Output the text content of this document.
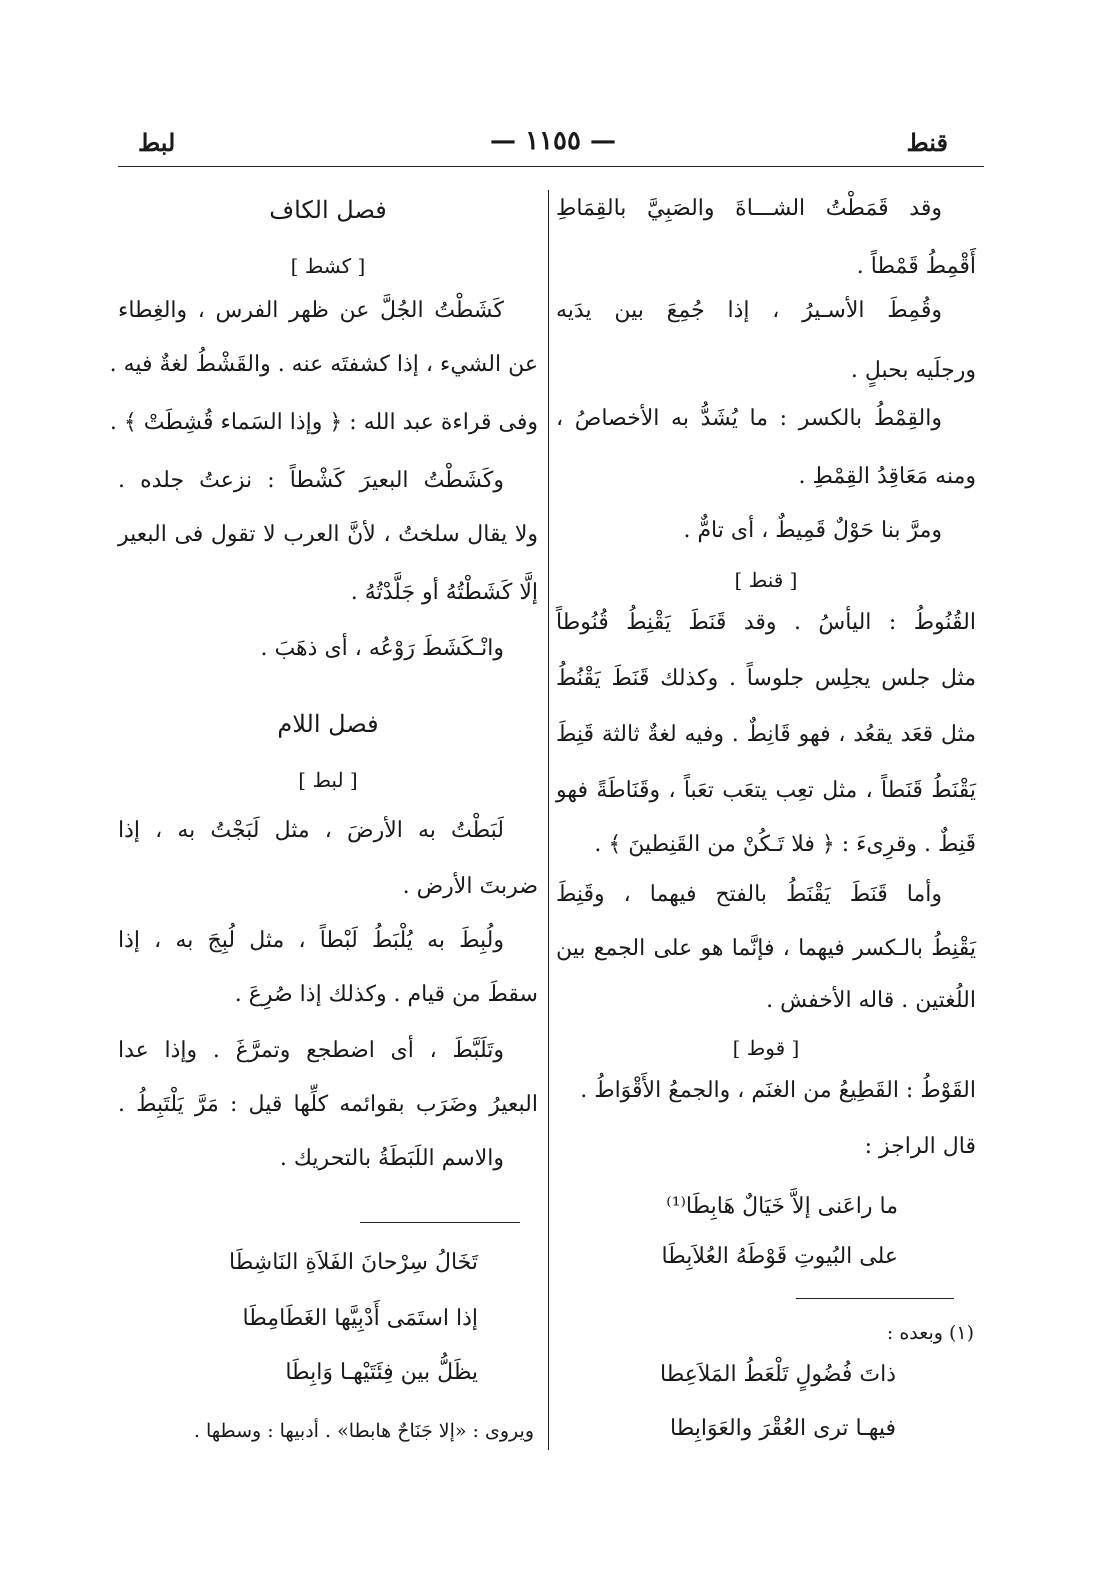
قنط
— ١١٥٥ —
لبط
وقد قَمَطْتُ الشـــاةَ والصَبِيَّ بالقِمَاطِ
أَقْمِطُ قَمْطاً .
وقُمِطَ الأسـيرُ ، إذا جُمِعَ بين يدَيه
ورجلَيه بحبلٍ .
والقِمْطُ بالكسر : ما يُشَدُّ به الأخصاصُ ،
ومنه مَعَاقِدُ القِمْطِ .
ومرَّ بنا حَوْلٌ قَمِيطٌ ، أى تامٌّ .
[ قنط ]
القُنُوطُ : اليأسُ . وقد قَنَطَ يَقْنِطُ قُنُوطاً
مثل جلس يجلِس جلوساً . وكذلك قَنَطَ يَقْنُطُ
مثل قعَد يقعُد ، فهو قَانِطٌ . وفيه لغةٌ ثالثة قَنِطَ
يَقْنَطُ قَنَطاً ، مثل تعِب يتعَب تعَباً ، وقَنَاطَةً فهو
قَنِطٌ . وقرِىءَ : ﴿ فلا تَـكُنْ من القَنِطينَ ﴾ .
وأما قَنَطَ يَقْنَطُ بالفتح فيهما ، وقَنِطَ
يَقْنِطُ بالـكسر فيهما ، فإنَّما هو على الجمع بين
اللُغتين . قاله الأخفش .
[ قوط ]
القَوْطُ : القَطِيعُ من الغنَم ، والجمعُ الأَقْوَاطُ .
قال الراجز :
ما راعَنى إلاَّ خَيَالٌ هَابِطَا⁽¹⁾
على البُيوتِ قَوْطَهُ العُلاَبِطَا
(١) وبعده :
ذاتَ فُضُولٍ تَلْعَطُ المَلاَعِطا
فيهـا ترى العُقْرَ والعَوَابِطا
فصل الكاف
[ كشط ]
كَشَطْتُ الجُلَّ عن ظهر الفرس ، والغِطاء
عن الشيء ، إذا كشفتَه عنه . والقَشْطُ لغةٌ فيه .
وفى قراءة عبد الله : ﴿ وإذا السَماء قُشِطَتْ ﴾ .
وكَشَطْتُ البعيرَ كَشْطاً : نزعتُ جلده .
ولا يقال سلختُ ، لأنَّ العرب لا تقول فى البعير
إلَّا كَشَطْتُهُ أو جَلَّدْتُهُ .
وانْـكَشَطَ رَوْعُه ، أى ذهَبَ .
فصل اللام
[ لبط ]
لَبَطْتُ به الأرضَ ، مثل لَبَجْتُ به ، إذا
ضربتَ الأرض .
ولُبِطَ به يُلْبَطُ لَبْطاً ، مثل لُبِجَ به ، إذا
سقطَ من قيام . وكذلك إذا صُرِعَ .
وتَلَبَّطَ ، أى اضطجع وتمرَّغَ . وإذا عدا
البعيرُ وضَرَب بقوائمه كلِّها قيل : مَرَّ يَلْتَبِطُ .
والاسم اللَبَطَةُ بالتحريك .
تَخَالُ سِرْحانَ الفَلاَةِ النَاشِطَا
إذا استَمَى أَدْبِيَّها الغَطَامِطَا
يظَلُّ بين فِئَتَيْهـا وَابِطَا
ويروى : «إلا جَنَاحٌ هابطا» . أدبيها : وسطها .
